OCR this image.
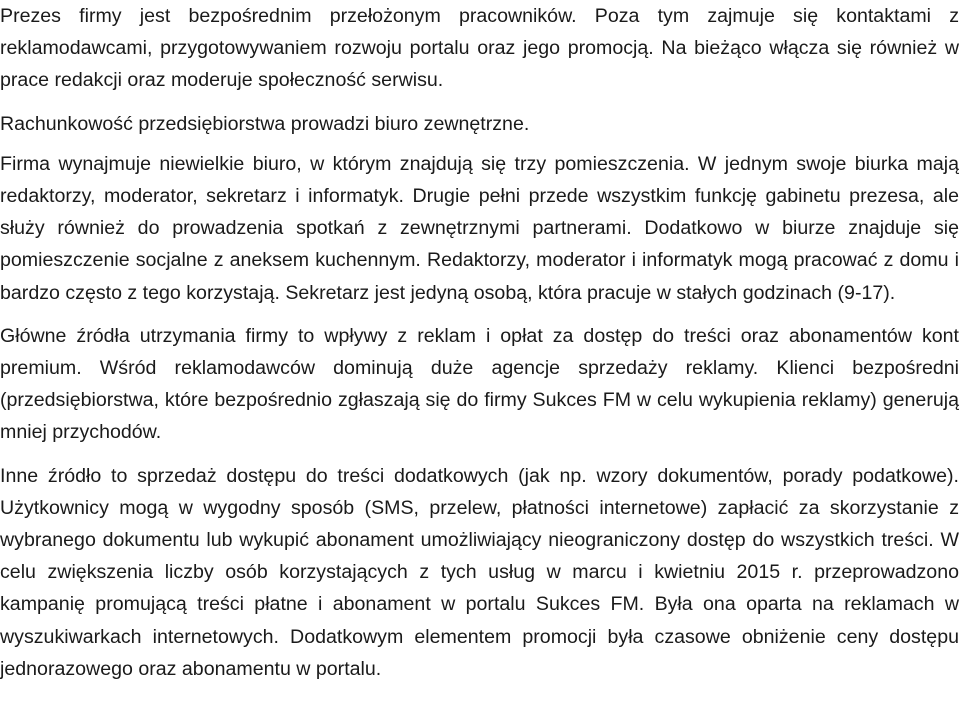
Prezes firmy jest bezpośrednim przełożonym pracowników. Poza tym zajmuje się kontaktami z reklamodawcami, przygotowywaniem rozwoju portalu oraz jego promocją. Na bieżąco włącza się również w prace redakcji oraz moderuje społeczność serwisu.

Rachunkowość przedsiębiorstwa prowadzi biuro zewnętrzne.

Firma wynajmuje niewielkie biuro, w którym znajdują się trzy pomieszczenia. W jednym swoje biurka mają redaktorzy, moderator, sekretarz i informatyk. Drugie pełni przede wszystkim funkcję gabinetu prezesa, ale służy również do prowadzenia spotkań z zewnętrznymi partnerami. Dodatkowo w biurze znajduje się pomieszczenie socjalne z aneksem kuchennym. Redaktorzy, moderator i informatyk mogą pracować z domu i bardzo często z tego korzystają. Sekretarz jest jedyną osobą, która pracuje w stałych godzinach (9-17).

Główne źródła utrzymania firmy to wpływy z reklam i opłat za dostęp do treści oraz abonamentów kont premium. Wśród reklamodawców dominują duże agencje sprzedaży reklamy. Klienci bezpośredni (przedsiębiorstwa, które bezpośrednio zgłaszają się do firmy Sukces FM w celu wykupienia reklamy) generują mniej przychodów.

Inne źródło to sprzedaż dostępu do treści dodatkowych (jak np. wzory dokumentów, porady podatkowe). Użytkownicy mogą w wygodny sposób (SMS, przelew, płatności internetowe) zapłacić za skorzystanie z wybranego dokumentu lub wykupić abonament umożliwiający nieograniczony dostęp do wszystkich treści. W celu zwiększenia liczby osób korzystających z tych usług w marcu i kwietniu 2015 r. przeprowadzono kampanię promującą treści płatne i abonament w portalu Sukces FM. Była ona oparta na reklamach w wyszukiwarkach internetowych. Dodatkowym elementem promocji była czasowe obniżenie ceny dostępu jednorazowego oraz abonamentu w portalu.
